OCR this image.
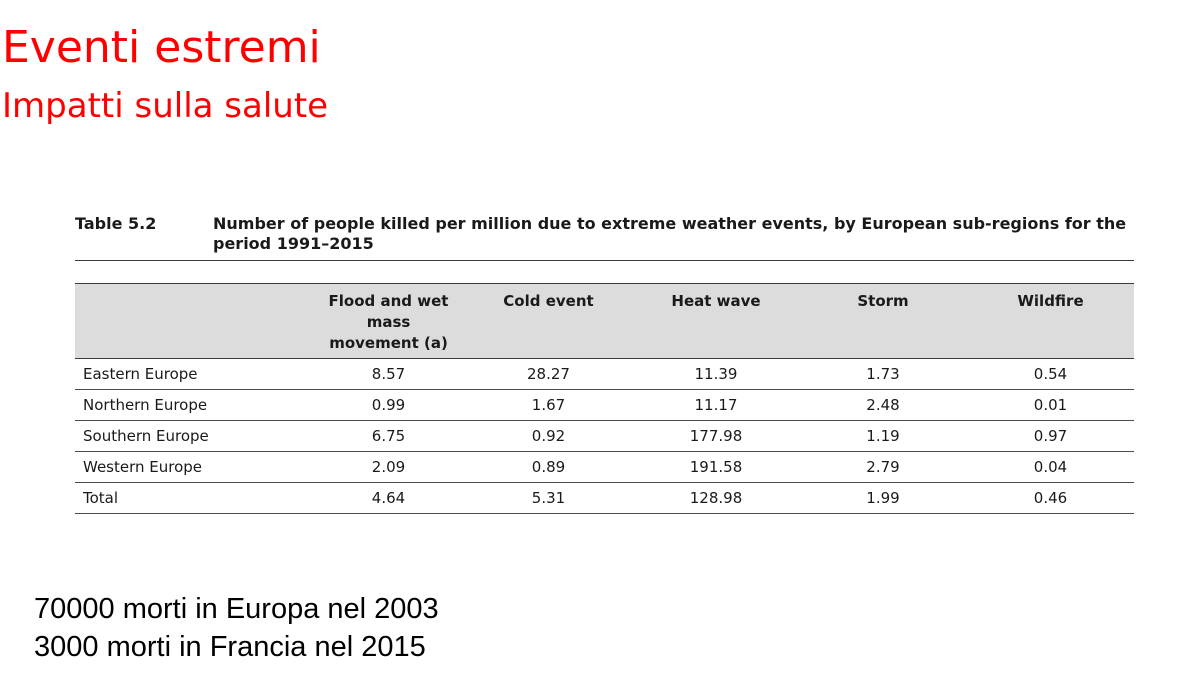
Eventi estremi
Impatti sulla salute
Table 5.2	Number of people killed per million due to extreme weather events, by European sub-regions for the period 1991–2015
	Flood and wet mass movement (a)	Cold event	Heat wave	Storm	Wildfire
Eastern Europe	8.57	28.27	11.39	1.73	0.54
Northern Europe	0.99	1.67	11.17	2.48	0.01
Southern Europe	6.75	0.92	177.98	1.19	0.97
Western Europe	2.09	0.89	191.58	2.79	0.04
Total	4.64	5.31	128.98	1.99	0.46

70000 morti in Europa nel 2003

3000 morti in Francia nel 2015
